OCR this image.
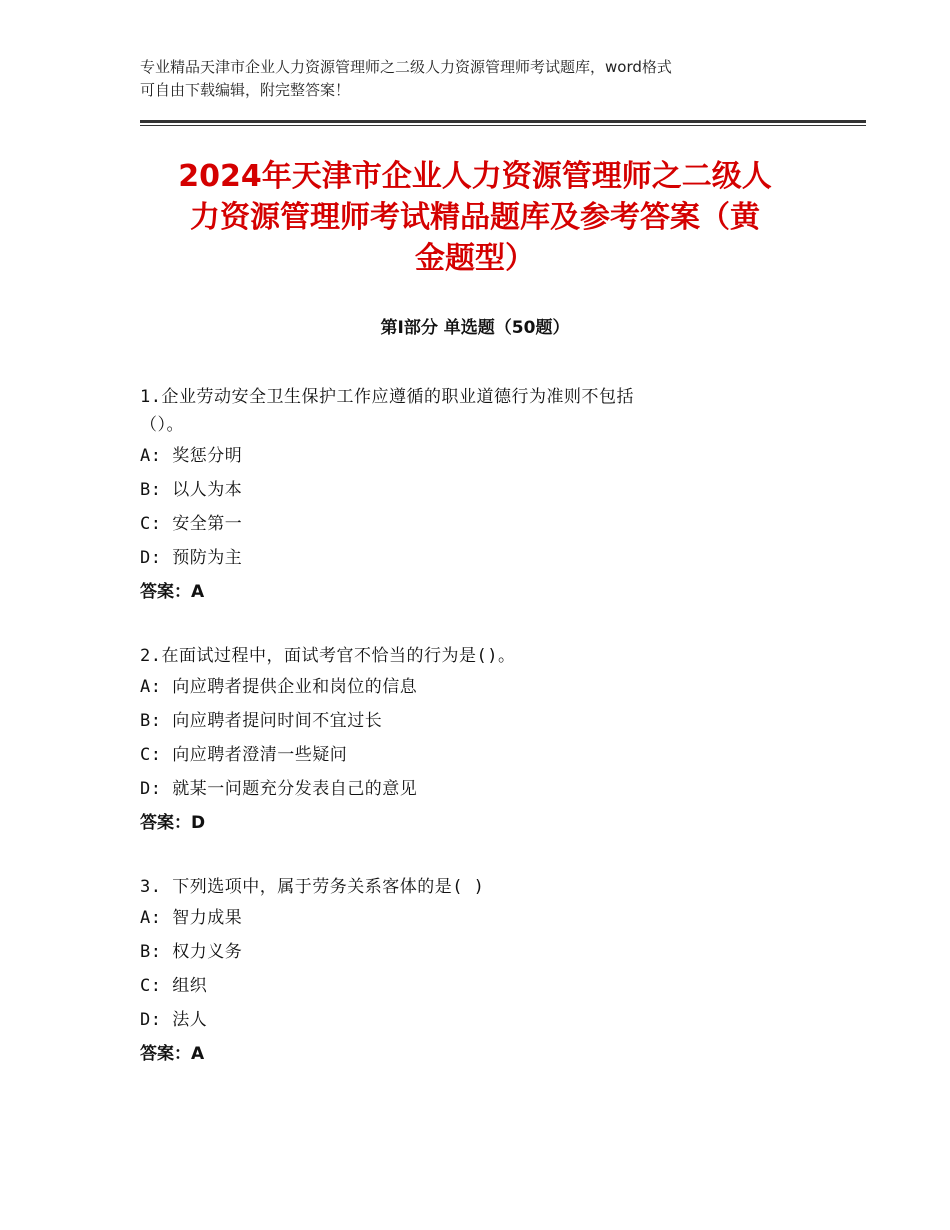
专业精品天津市企业人力资源管理师之二级人力资源管理师考试题库，word格式
可自由下载编辑，附完整答案！
2024年天津市企业人力资源管理师之二级人
力资源管理师考试精品题库及参考答案（黄
金题型）
第I部分 单选题（50题）
1.企业劳动安全卫生保护工作应遵循的职业道德行为准则不包括
（）。
A: 奖惩分明
B: 以人为本
C: 安全第一
D: 预防为主
答案：A
2.在面试过程中，面试考官不恰当的行为是()。
A: 向应聘者提供企业和岗位的信息
B: 向应聘者提问时间不宜过长
C: 向应聘者澄清一些疑问
D: 就某一问题充分发表自己的意见
答案：D
3. 下列选项中，属于劳务关系客体的是( )
A: 智力成果
B: 权力义务
C: 组织
D: 法人
答案：A
